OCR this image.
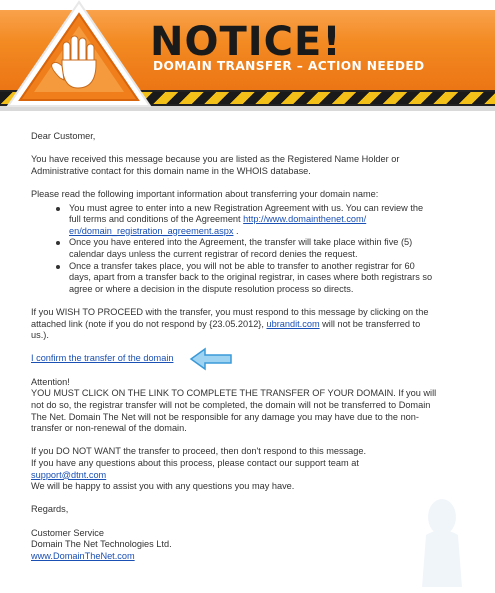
NOTICE!
DOMAIN TRANSFER – ACTION NEEDED

Dear Customer,

You have received this message because you are listed as the Registered Name Holder or

Administrative contact for this domain name in the WHOIS database.

Please read the following important information about transferring your domain name:

You must agree to enter into a new Registration Agreement with us. You can review the
full terms and conditions of the Agreement http://www.domainthenet.com/
en/domain_registration_agreement.aspx .
Once you have entered into the Agreement, the transfer will take place within five (5)
calendar days unless the current registrar of record denies the request.
Once a transfer takes place, you will not be able to transfer to another registrar for 60
days, apart from a transfer back to the original registrar, in cases where both registrars so
agree or where a decision in the dispute resolution process so directs.

If you WISH TO PROCEED with the transfer, you must respond to this message by clicking on the

attached link (note if you do not respond by {23.05.2012}, ubrandit.com will not be transferred to

us.).

I confirm the transfer of the domain

Attention!

YOU MUST CLICK ON THE LINK TO COMPLETE THE TRANSFER OF YOUR DOMAIN. If you will

not do so, the registrar transfer will not be completed, the domain will not be transferred to Domain

The Net. Domain The Net will not be responsible for any damage you may have due to the non-

transfer or non-renewal of the domain.

If you DO NOT WANT the transfer to proceed, then don't respond to this message.

If you have any questions about this process, please contact our support team at

support@dtnt.com

We will be happy to assist you with any questions you may have.

Regards,

Customer Service

Domain The Net Technologies Ltd.

www.DomainTheNet.com
